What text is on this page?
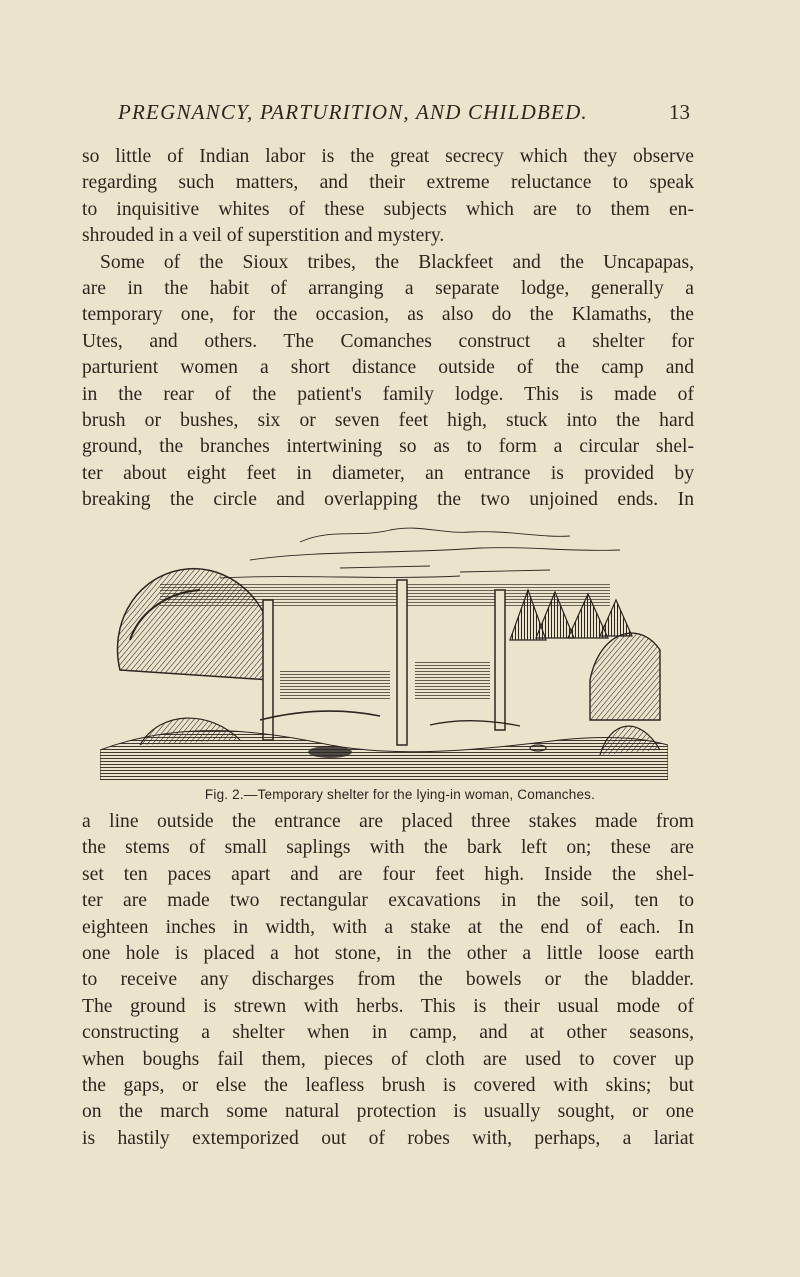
PREGNANCY, PARTURITION, AND CHILDBED.	13
so little of Indian labor is the great secrecy which they observe
regarding such matters, and their extreme reluctance to speak
to inquisitive whites of these subjects which are to them en-
shrouded in a veil of superstition and mystery.
Some of the Sioux tribes, the Blackfeet and the Uncapapas,
are in the habit of arranging a separate lodge, generally a
temporary one, for the occasion, as also do the Klamaths, the
Utes, and others. The Comanches construct a shelter for
parturient women a short distance outside of the camp and
in the rear of the patient's family lodge. This is made of
brush or bushes, six or seven feet high, stuck into the hard
ground, the branches intertwining so as to form a circular shel-
ter about eight feet in diameter, an entrance is provided by
breaking the circle and overlapping the two unjoined ends. In
Fig. 2.—Temporary shelter for the lying-in woman, Comanches.
a line outside the entrance are placed three stakes made from
the stems of small saplings with the bark left on; these are
set ten paces apart and are four feet high. Inside the shel-
ter are made two rectangular excavations in the soil, ten to
eighteen inches in width, with a stake at the end of each. In
one hole is placed a hot stone, in the other a little loose earth
to receive any discharges from the bowels or the bladder.
The ground is strewn with herbs. This is their usual mode of
constructing a shelter when in camp, and at other seasons,
when boughs fail them, pieces of cloth are used to cover up
the gaps, or else the leafless brush is covered with skins; but
on the march some natural protection is usually sought, or one
is hastily extemporized out of robes with, perhaps, a lariat
